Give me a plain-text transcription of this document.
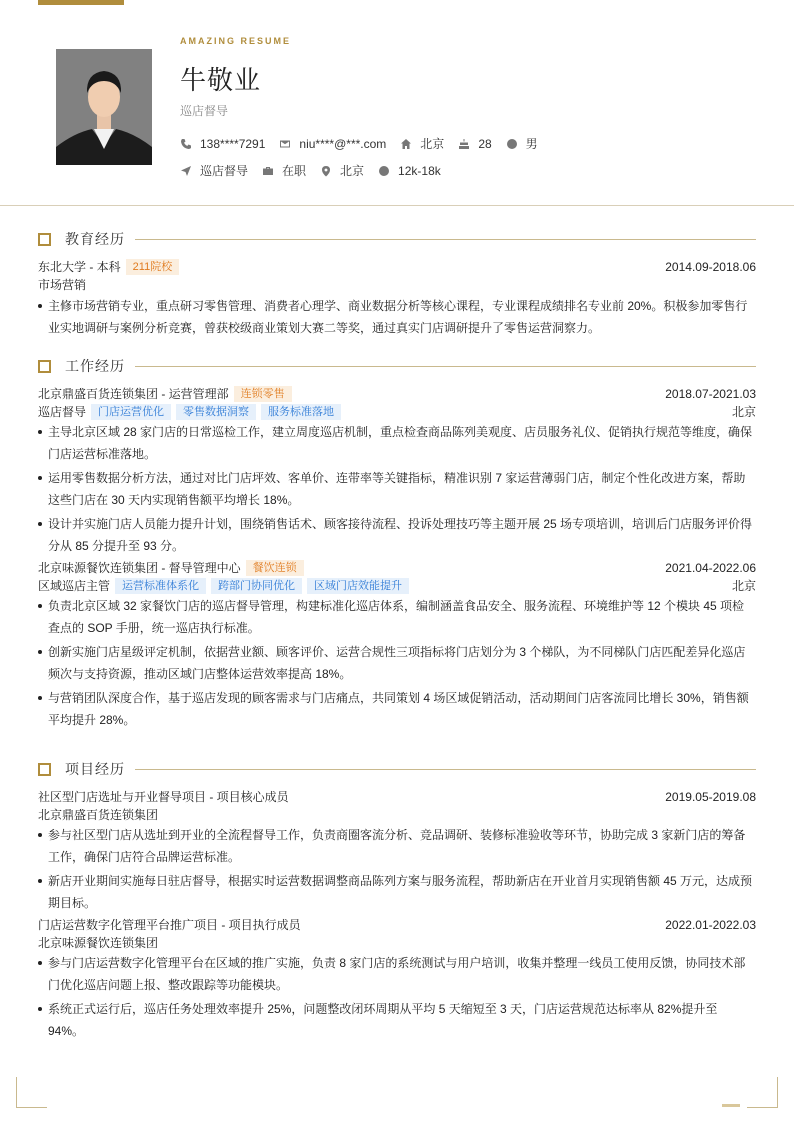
AMAZING RESUME
牛敬业
巡店督导
138****7291	niu****@***.com	北京	28	男
巡店督导	在职	北京	12k-18k
教育经历
东北大学 - 本科	211院校	2014.09-2018.06
市场营销
主修市场营销专业，重点研习零售管理、消费者心理学、商业数据分析等核心课程，专业课程成绩排名专业前 20%。积极参加零售行业实地调研与案例分析竞赛，曾获校级商业策划大赛二等奖，通过真实门店调研提升了零售运营洞察力。
工作经历
北京鼎盛百货连锁集团 - 运营管理部	连锁零售	2018.07-2021.03
巡店督导	门店运营优化	零售数据洞察	服务标准落地	北京
主导北京区域 28 家门店的日常巡检工作，建立周度巡店机制，重点检查商品陈列美观度、店员服务礼仪、促销执行规范等维度，确保门店运营标准落地。
运用零售数据分析方法，通过对比门店坪效、客单价、连带率等关键指标，精准识别 7 家运营薄弱门店，制定个性化改进方案，帮助这些门店在 30 天内实现销售额平均增长 18%。
设计并实施门店人员能力提升计划，围绕销售话术、顾客接待流程、投诉处理技巧等主题开展 25 场专项培训，培训后门店服务评价得分从 85 分提升至 93 分。
北京味源餐饮连锁集团 - 督导管理中心	餐饮连锁	2021.04-2022.06
区域巡店主管	运营标准体系化	跨部门协同优化	区域门店效能提升	北京
负责北京区域 32 家餐饮门店的巡店督导管理，构建标准化巡店体系，编制涵盖食品安全、服务流程、环境维护等 12 个模块 45 项检查点的 SOP 手册，统一巡店执行标准。
创新实施门店星级评定机制，依据营业额、顾客评价、运营合规性三项指标将门店划分为 3 个梯队，为不同梯队门店匹配差异化巡店频次与支持资源，推动区域门店整体运营效率提高 18%。
与营销团队深度合作，基于巡店发现的顾客需求与门店痛点，共同策划 4 场区域促销活动，活动期间门店客流同比增长 30%，销售额平均提升 28%。
项目经历
社区型门店选址与开业督导项目 - 项目核心成员	2019.05-2019.08
北京鼎盛百货连锁集团
参与社区型门店从选址到开业的全流程督导工作，负责商圈客流分析、竞品调研、装修标准验收等环节，协助完成 3 家新门店的筹备工作，确保门店符合品牌运营标准。
新店开业期间实施每日驻店督导，根据实时运营数据调整商品陈列方案与服务流程，帮助新店在开业首月实现销售额 45 万元，达成预期目标。
门店运营数字化管理平台推广项目 - 项目执行成员	2022.01-2022.03
北京味源餐饮连锁集团
参与门店运营数字化管理平台在区域的推广实施，负责 8 家门店的系统测试与用户培训，收集并整理一线员工使用反馈，协同技术部门优化巡店问题上报、整改跟踪等功能模块。
系统正式运行后，巡店任务处理效率提升 25%，问题整改闭环周期从平均 5 天缩短至 3 天，门店运营规范达标率从 82%提升至 94%。
